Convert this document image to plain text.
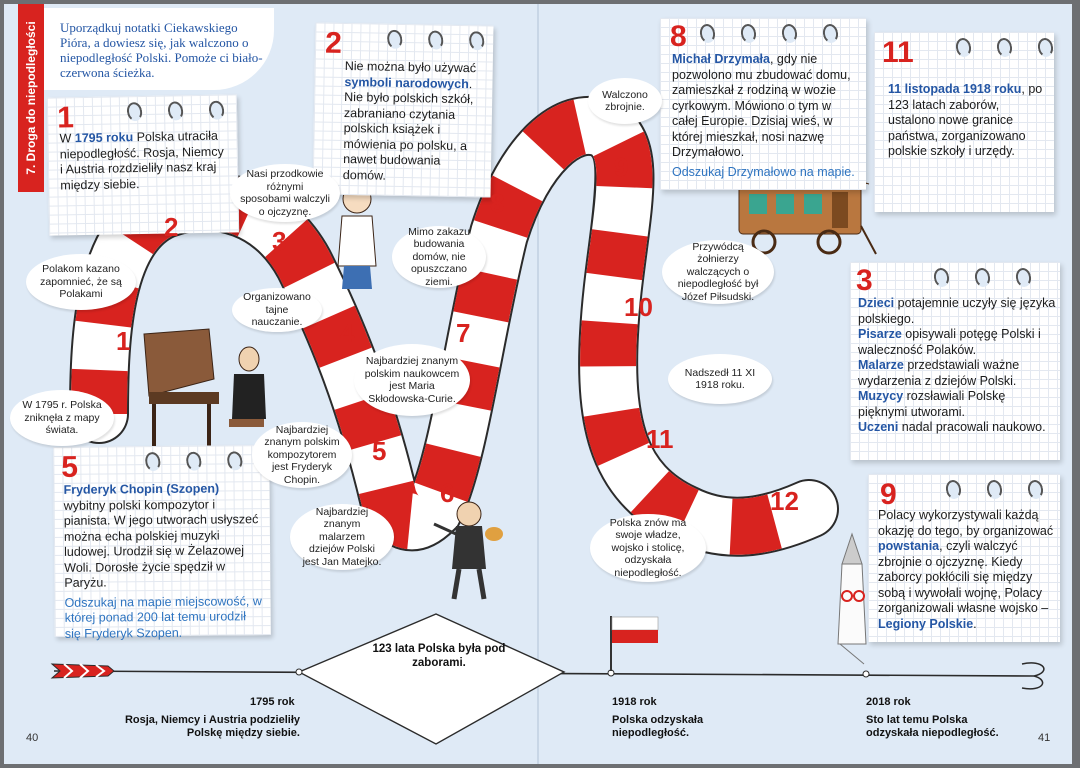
7. Droga do niepodległości	Uporządkuj notatki Ciekawskiego Pióra, a dowiesz się, jak walczono o niepodległość Polski. Pomoże ci biało-czerwona ścieżka.
1
W 1795 roku Polska utraciła niepodległość. Rosja, Niemcy i Austria rozdzieliły nasz kraj między siebie.
2
Nie można było używać symboli narodowych. Nie było polskich szkół, zabraniano czytania polskich książek i mówienia po polsku, a nawet budowania domów.
8
Michał Drzymała, gdy nie pozwolono mu zbudować domu, zamieszkał z rodziną w wozie cyrkowym. Mówiono o tym w całej Europie. Dzisiaj wieś, w której mieszkał, nosi nazwę Drzymałowo.
Odszukaj Drzymałowo na mapie.
11
11 listopada 1918 roku, po 123 latach zaborów, ustalono nowe granice państwa, zorganizowano polskie szkoły i urzędy.
3
Dzieci potajemnie uczyły się języka polskiego.
Pisarze opisywali potęgę Polski i waleczność Polaków.
Malarze przedstawiali ważne wydarzenia z dziejów Polski.
Muzycy rozsławiali Polskę pięknymi utworami.
Uczeni nadal pracowali naukowo.
5
Fryderyk Chopin (Szopen)
wybitny polski kompozytor i pianista. W jego utworach usłyszeć można echa polskiej muzyki ludowej. Urodził się w Żelazowej Woli. Dorosłe życie spędził w Paryżu.
Odszukaj na mapie miejscowość, w której ponad 200 lat temu urodził się Fryderyk Szopen.
9
Polacy wykorzystywali każdą okazję do tego, by organizować powstania, czyli walczyć zbrojnie o ojczyznę. Kiedy zaborcy pokłócili się między sobą i wywołali wojnę, Polacy zorganizowali własne wojsko – Legiony Polskie.
Polakom kazano zapomnieć, że są Polakami
W 1795 r. Polska zniknęła z mapy świata.
Nasi przodkowie różnymi sposobami walczyli o ojczyznę.
Organizowano tajne nauczanie.
Najbardziej znanym polskim kompozytorem jest Fryderyk Chopin.
Najbardziej znanym malarzem dziejów Polski jest Jan Matejko.
Najbardziej znanym polskim naukowcem jest Maria Skłodowska-Curie.
Mimo zakazu budowania domów, nie opuszczano ziemi.
Walczono zbrojnie.
Przywódcą żołnierzy walczących o niepodległość był Józef Piłsudski.
Nadszedł 11 XI 1918 roku.
Polska znów ma swoje władze, wojsko i stolicę, odzyskała niepodległość.
1
2	3
4
5
6
7
8
9
10
11
12
123 lata Polska była pod zaborami.
1795 rok
Rosja, Niemcy i Austria podzieliły Polskę między siebie.
1918 rok
Polska odzyskała niepodległość.
2018 rok
Sto lat temu Polska odzyskała niepodległość.
40	41
